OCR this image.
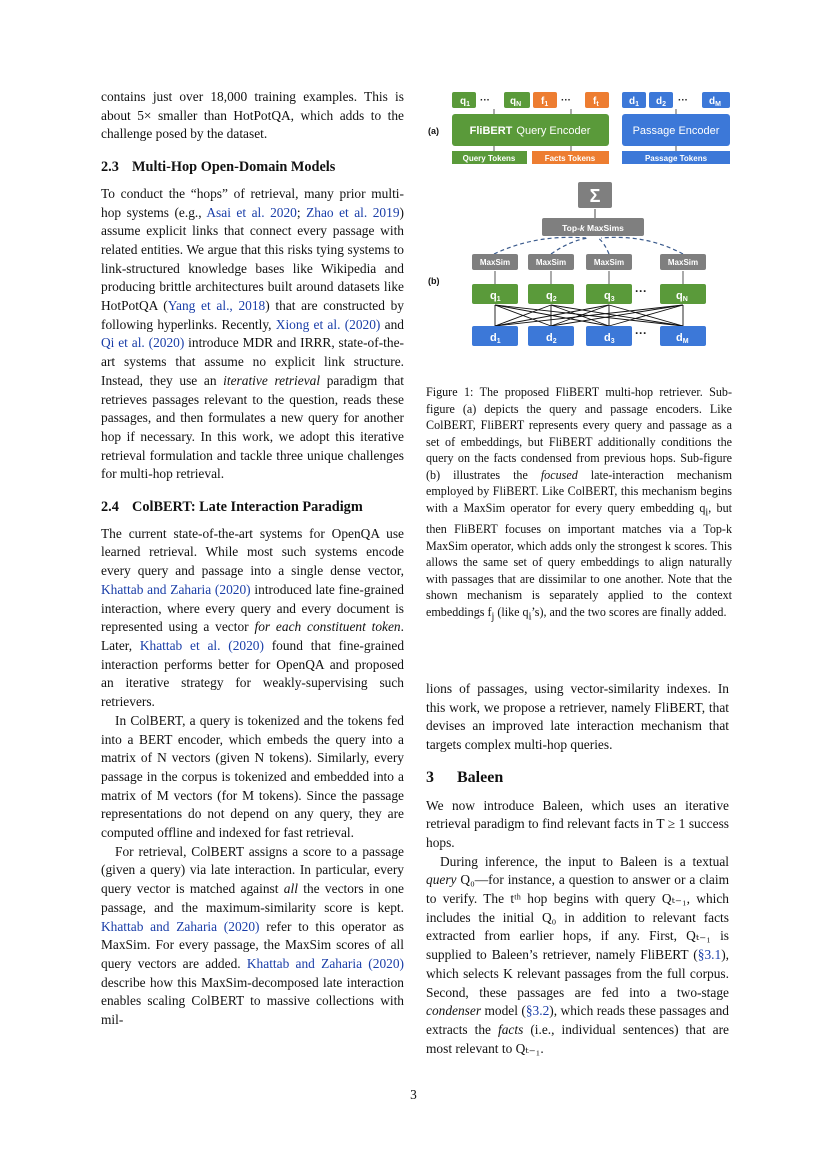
contains just over 18,000 training examples. This is about 5× smaller than HotPotQA, which adds to the challenge posed by the dataset.

2.3 Multi-Hop Open-Domain Models

To conduct the “hops” of retrieval, many prior multi-hop systems (e.g., Asai et al. 2020; Zhao et al. 2019) assume explicit links that connect every passage with related entities. We argue that this risks tying systems to link-structured knowledge bases like Wikipedia and producing brittle architectures built around datasets like HotPotQA (Yang et al., 2018) that are constructed by following hyperlinks. Recently, Xiong et al. (2020) and Qi et al. (2020) introduce MDR and IRRR, state-of-the-art systems that assume no explicit link structure. Instead, they use an iterative retrieval paradigm that retrieves passages relevant to the question, reads these passages, and then formulates a new query for another hop if necessary. In this work, we adopt this iterative retrieval formulation and tackle three unique challenges for multi-hop retrieval.

2.4 ColBERT: Late Interaction Paradigm

The current state-of-the-art systems for OpenQA use learned retrieval. While most such systems encode every query and passage into a single dense vector, Khattab and Zaharia (2020) introduced late fine-grained interaction, where every query and every document is represented using a vector for each constituent token. Later, Khattab et al. (2020) found that fine-grained interaction performs better for OpenQA and proposed an iterative strategy for weakly-supervising such retrievers.

In ColBERT, a query is tokenized and the tokens fed into a BERT encoder, which embeds the query into a matrix of N vectors (given N tokens). Similarly, every passage in the corpus is tokenized and embedded into a matrix of M vectors (for M tokens). Since the passage representations do not depend on any query, they are computed offline and indexed for fast retrieval.

For retrieval, ColBERT assigns a score to a passage (given a query) via late interaction. In particular, every query vector is matched against all the vectors in one passage, and the maximum-similarity score is kept. Khattab and Zaharia (2020) refer to this operator as MaxSim. For every passage, the MaxSim scores of all query vectors are added. Khattab and Zaharia (2020) describe how this MaxSim-decomposed late interaction enables scaling ColBERT to massive collections with mil-

(a)
$q_1$ ··· $q_N$ $f_1$ ··· $f_t$	$d_1$ $d_2$ ··· $d_M$
FliBERT Query Encoder	Passage Encoder
Query Tokens	Facts Tokens	Passage Tokens
(b)
Σ
Top-k MaxSims
MaxSim	MaxSim	MaxSim	MaxSim
q1	q2	q3
···	qN
d1	d2	d3
···	dM
Figure 1: The proposed FliBERT multi-hop retriever. Sub-figure (a) depicts the query and passage encoders. Like ColBERT, FliBERT represents every query and passage as a set of embeddings, but FliBERT additionally conditions the query on the facts condensed from previous hops. Sub-figure (b) illustrates the focused late-interaction mechanism employed by FliBERT. Like ColBERT, this mechanism begins with a MaxSim operator for every query embedding $q_i$, but then FliBERT focuses on important matches via a Top-k MaxSim operator, which adds only the strongest k scores. This allows the same set of query embeddings to align naturally with passages that are dissimilar to one another. Note that the shown mechanism is separately applied to the context embeddings $f_j$ (like $q_i’s$), and the two scores are finally added.

lions of passages, using vector-similarity indexes. In this work, we propose a retriever, namely FliBERT, that devises an improved late interaction mechanism that targets complex multi-hop queries.

3 Baleen

We now introduce Baleen, which uses an iterative retrieval paradigm to find relevant facts in T ≥ 1 success hops.

During inference, the input to Baleen is a textual query Q₀—for instance, a question to answer or a claim to verify. The tᵗʰ hop begins with query Qₜ₋₁, which includes the initial Q₀ in addition to relevant facts extracted from earlier hops, if any. First, Qₜ₋₁ is supplied to Baleen’s retriever, namely FliBERT (§3.1), which selects K relevant passages from the full corpus. Second, these passages are fed into a two-stage condenser model (§3.2), which reads these passages and extracts the facts (i.e., individual sentences) that are most relevant to Qₜ₋₁.

3
